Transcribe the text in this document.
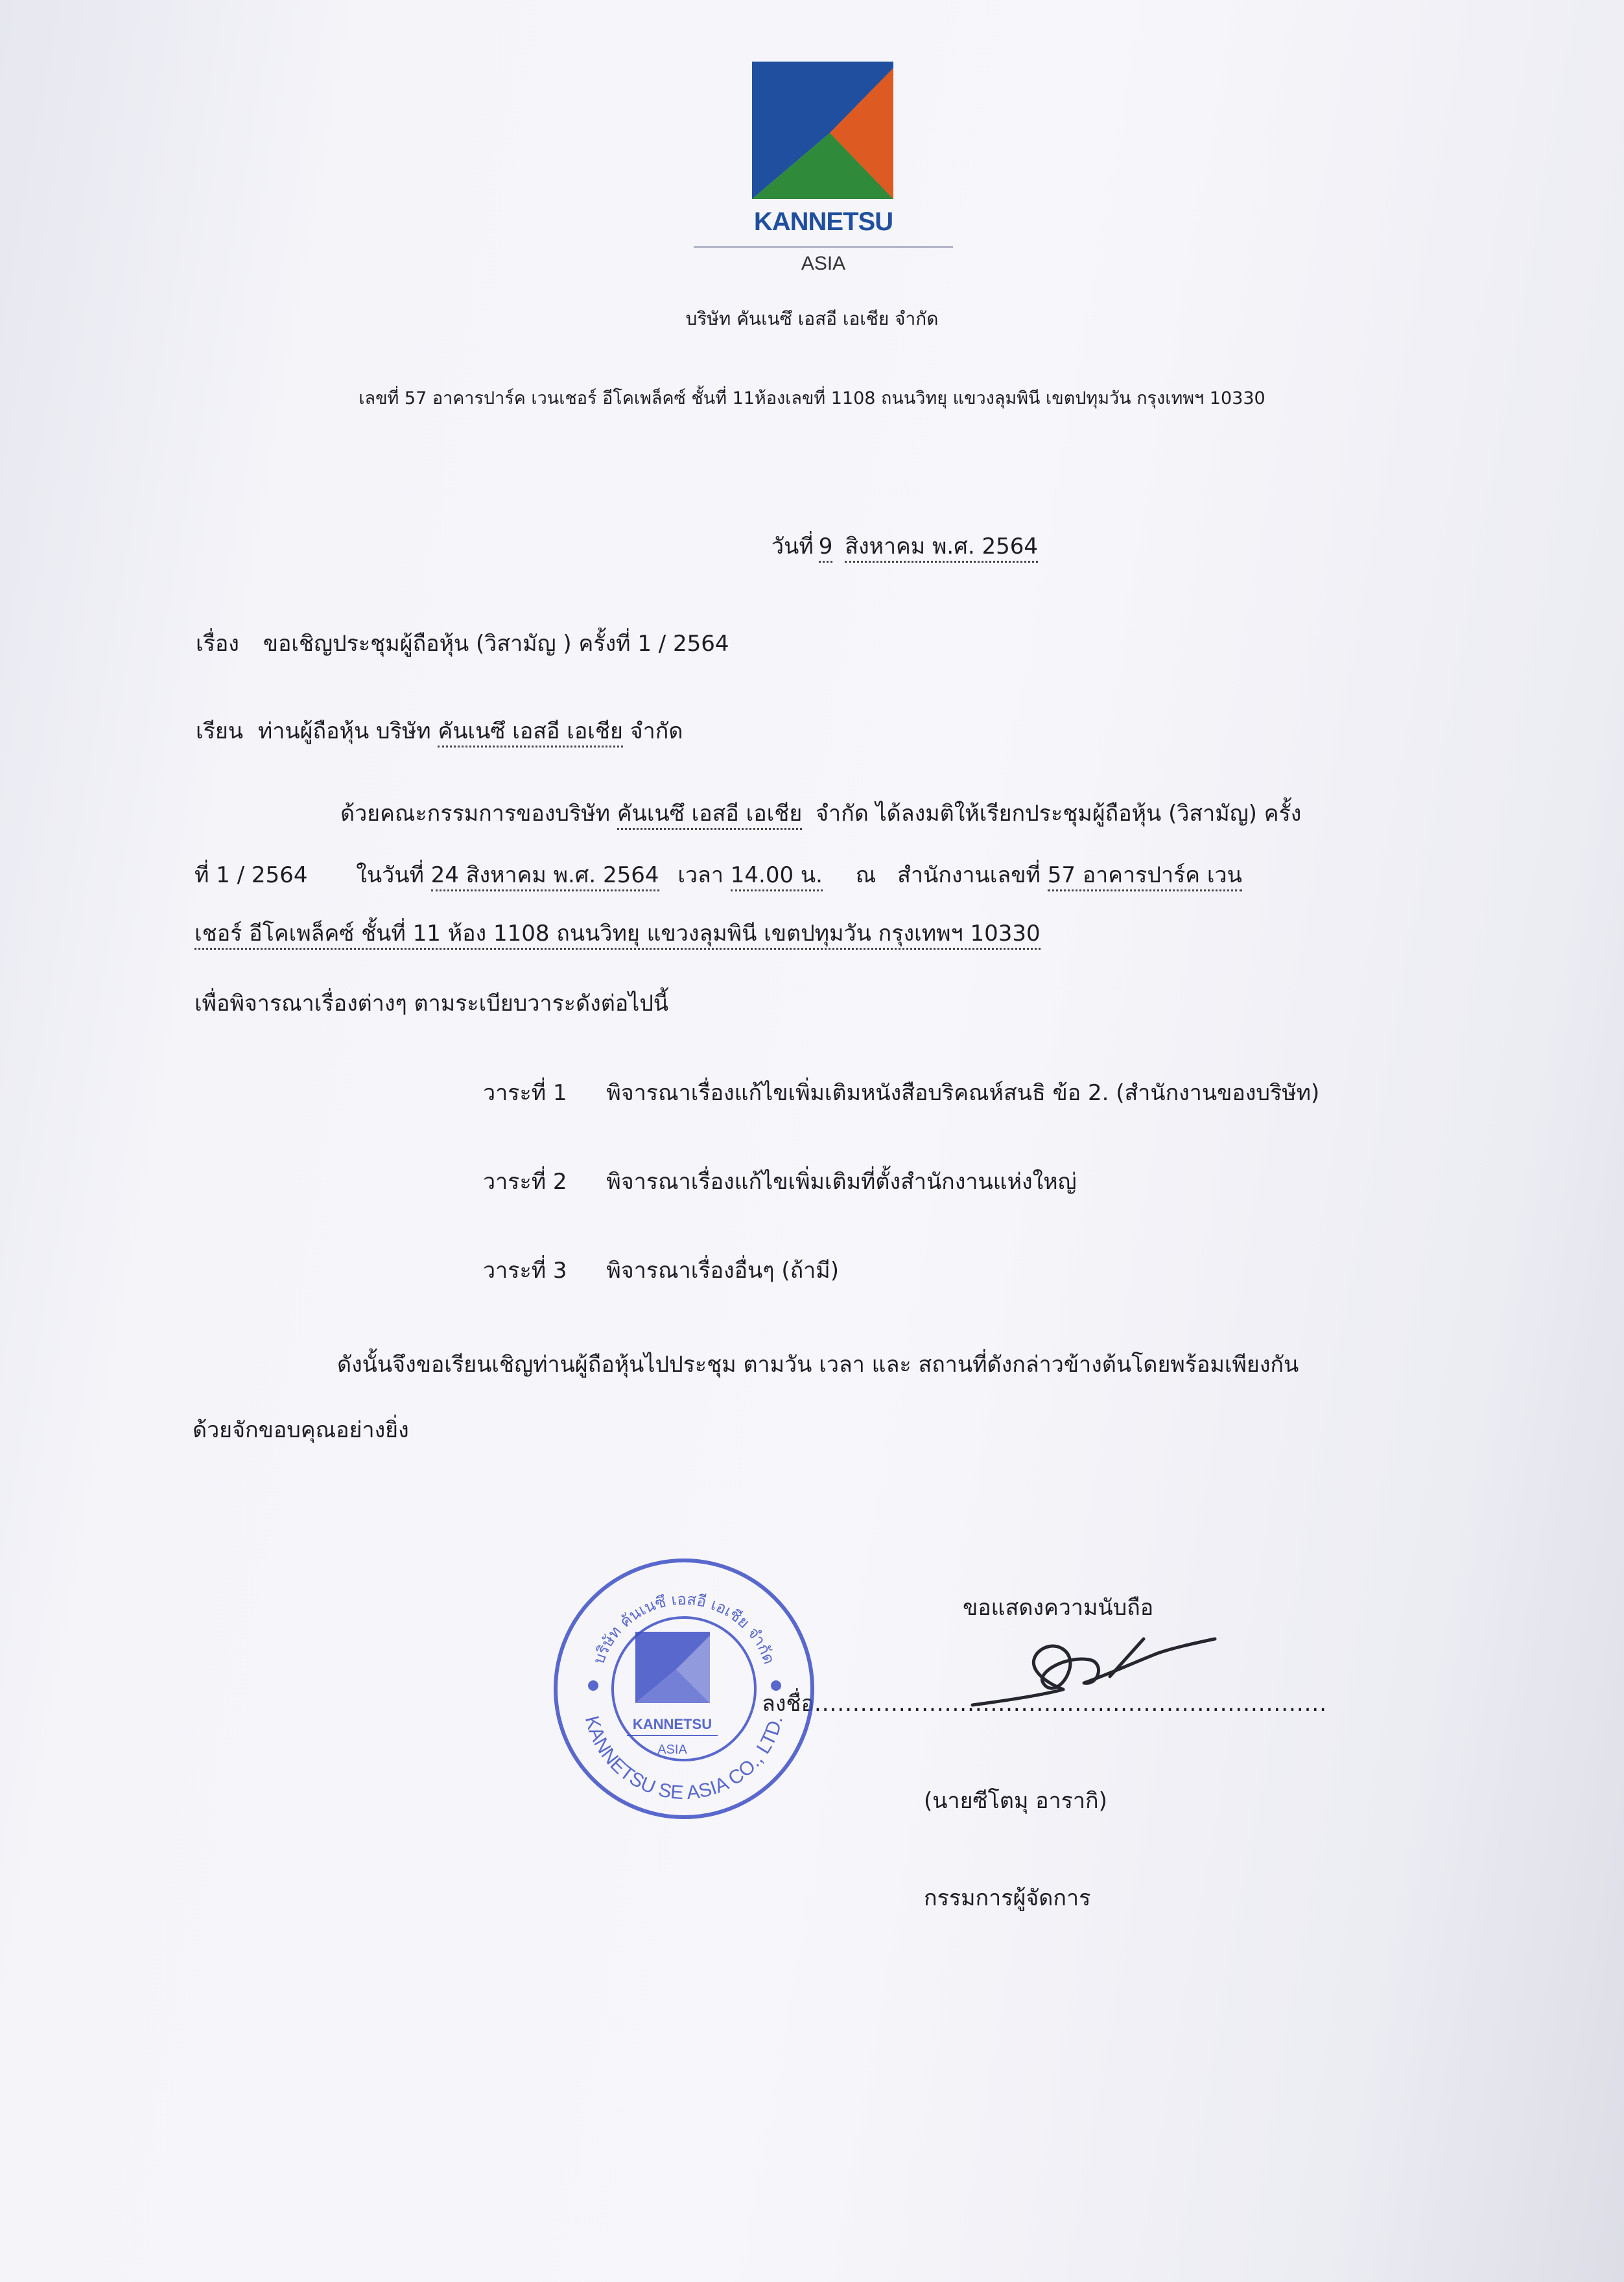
KANNETSU
ASIA
บริษัท คันเนซึ เอสอี เอเชีย จำกัด
เลขที่ 57 อาคารปาร์ค เวนเชอร์ อีโคเพล็คซ์ ชั้นที่ 11ห้องเลขที่ 1108 ถนนวิทยุ แขวงลุมพินี เขตปทุมวัน กรุงเทพฯ 10330
วันที่ 9 สิงหาคม พ.ศ. 2564
เรื่อง ขอเชิญประชุมผู้ถือหุ้น (วิสามัญ ) ครั้งที่ 1 / 2564
เรียน ท่านผู้ถือหุ้น บริษัท คันเนซึ เอสอี เอเชีย จำกัด
ด้วยคณะกรรมการของบริษัท คันเนซึ เอสอี เอเชีย จำกัด ได้ลงมติให้เรียกประชุมผู้ถือหุ้น (วิสามัญ) ครั้ง
ที่ 1 / 2564 ในวันที่ 24 สิงหาคม พ.ศ. 2564 เวลา 14.00 น. ณ สำนักงานเลขที่ 57 อาคารปาร์ค เวน
เชอร์ อีโคเพล็คซ์ ชั้นที่ 11 ห้อง 1108 ถนนวิทยุ แขวงลุมพินี เขตปทุมวัน กรุงเทพฯ 10330
เพื่อพิจารณาเรื่องต่างๆ ตามระเบียบวาระดังต่อไปนี้
วาระที่ 1 พิจารณาเรื่องแก้ไขเพิ่มเติมหนังสือบริคณห์สนธิ ข้อ 2. (สำนักงานของบริษัท)
วาระที่ 2 พิจารณาเรื่องแก้ไขเพิ่มเติมที่ตั้งสำนักงานแห่งใหญ่
วาระที่ 3 พิจารณาเรื่องอื่นๆ (ถ้ามี)
ดังนั้นจึงขอเรียนเชิญท่านผู้ถือหุ้นไปประชุม ตามวัน เวลา และ สถานที่ดังกล่าวข้างต้นโดยพร้อมเพียงกัน
ด้วยจักขอบคุณอย่างยิ่ง
ขอแสดงความนับถือ
ลงชื่อ...................................................................
(นายซีโตมุ อารากิ)
กรรมการผู้จัดการ
บริษัท คันเนซึ เอสอี เอเชีย จำกัด
KANNETSU SE ASIA CO., LTD.
KANNETSU
ASIA
